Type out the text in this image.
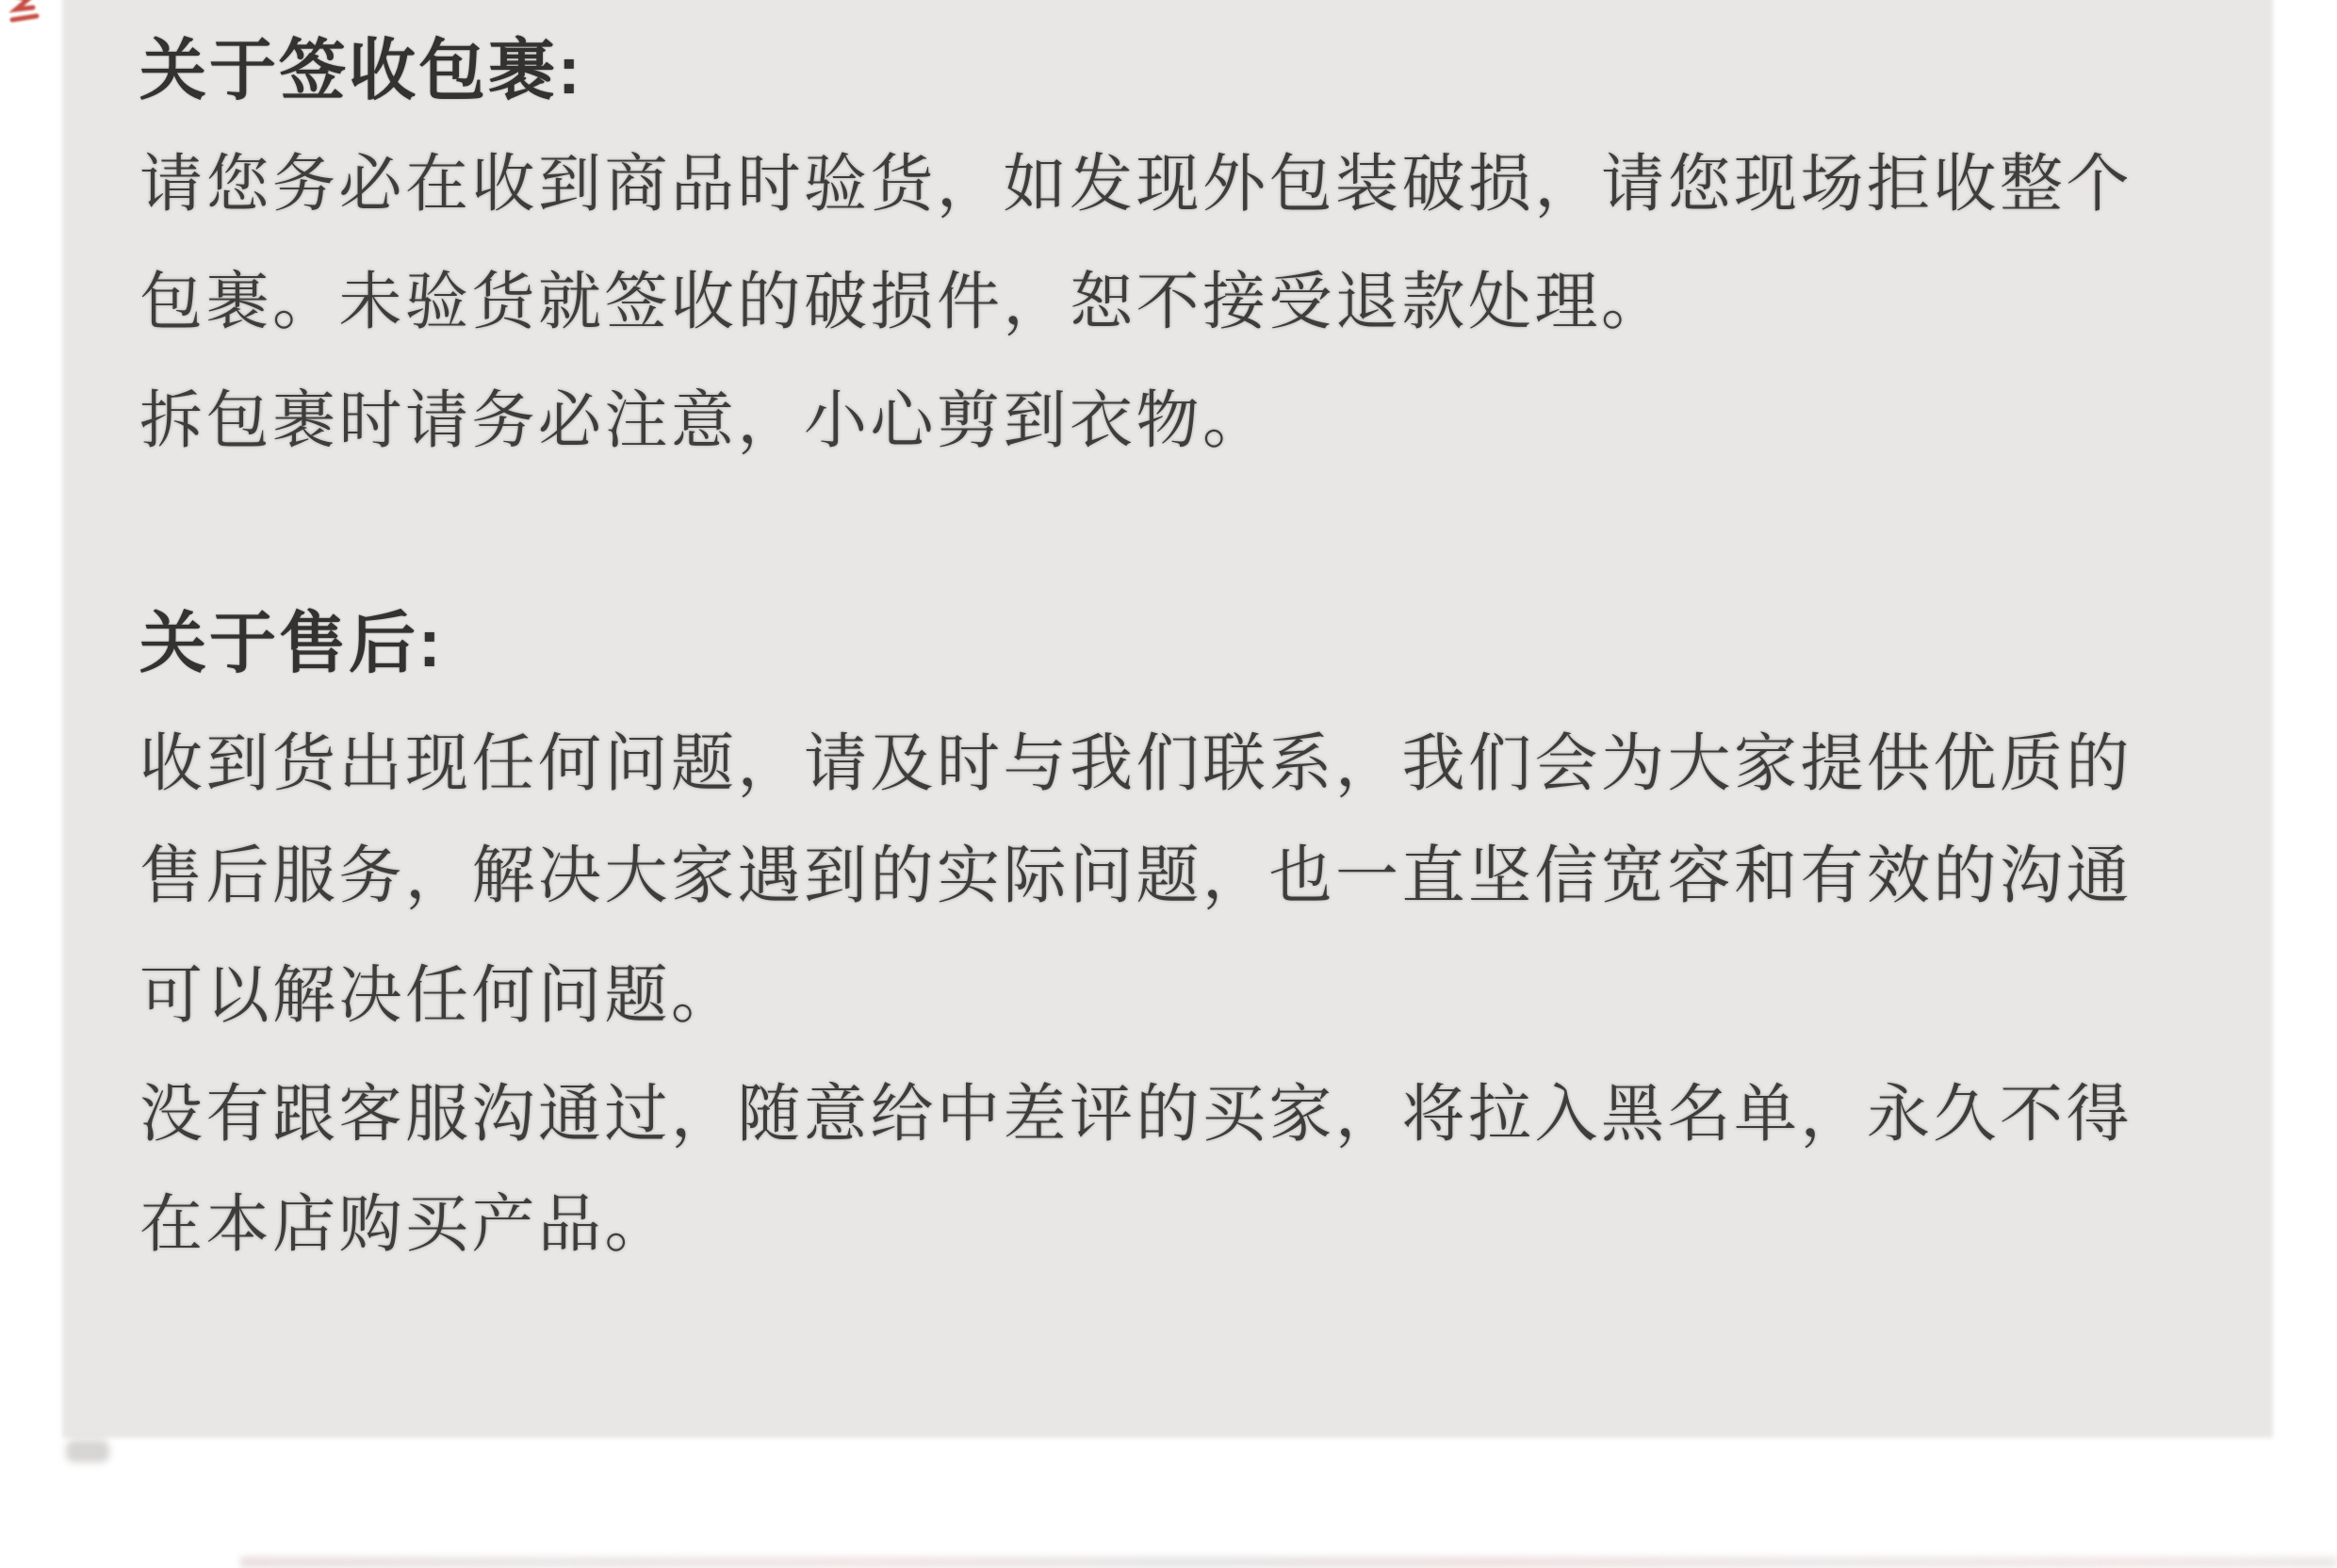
关于签收包裹:
请您务必在收到商品时验货，如发现外包装破损，请您现场拒收整个
包裹。未验货就签收的破损件，恕不接受退款处理。
拆包裹时请务必注意，小心剪到衣物。
关于售后:
收到货出现任何问题，请及时与我们联系，我们会为大家提供优质的
售后服务，解决大家遇到的实际问题，也一直坚信宽容和有效的沟通
可以解决任何问题。
没有跟客服沟通过，随意给中差评的买家，将拉入黑名单，永久不得
在本店购买产品。
